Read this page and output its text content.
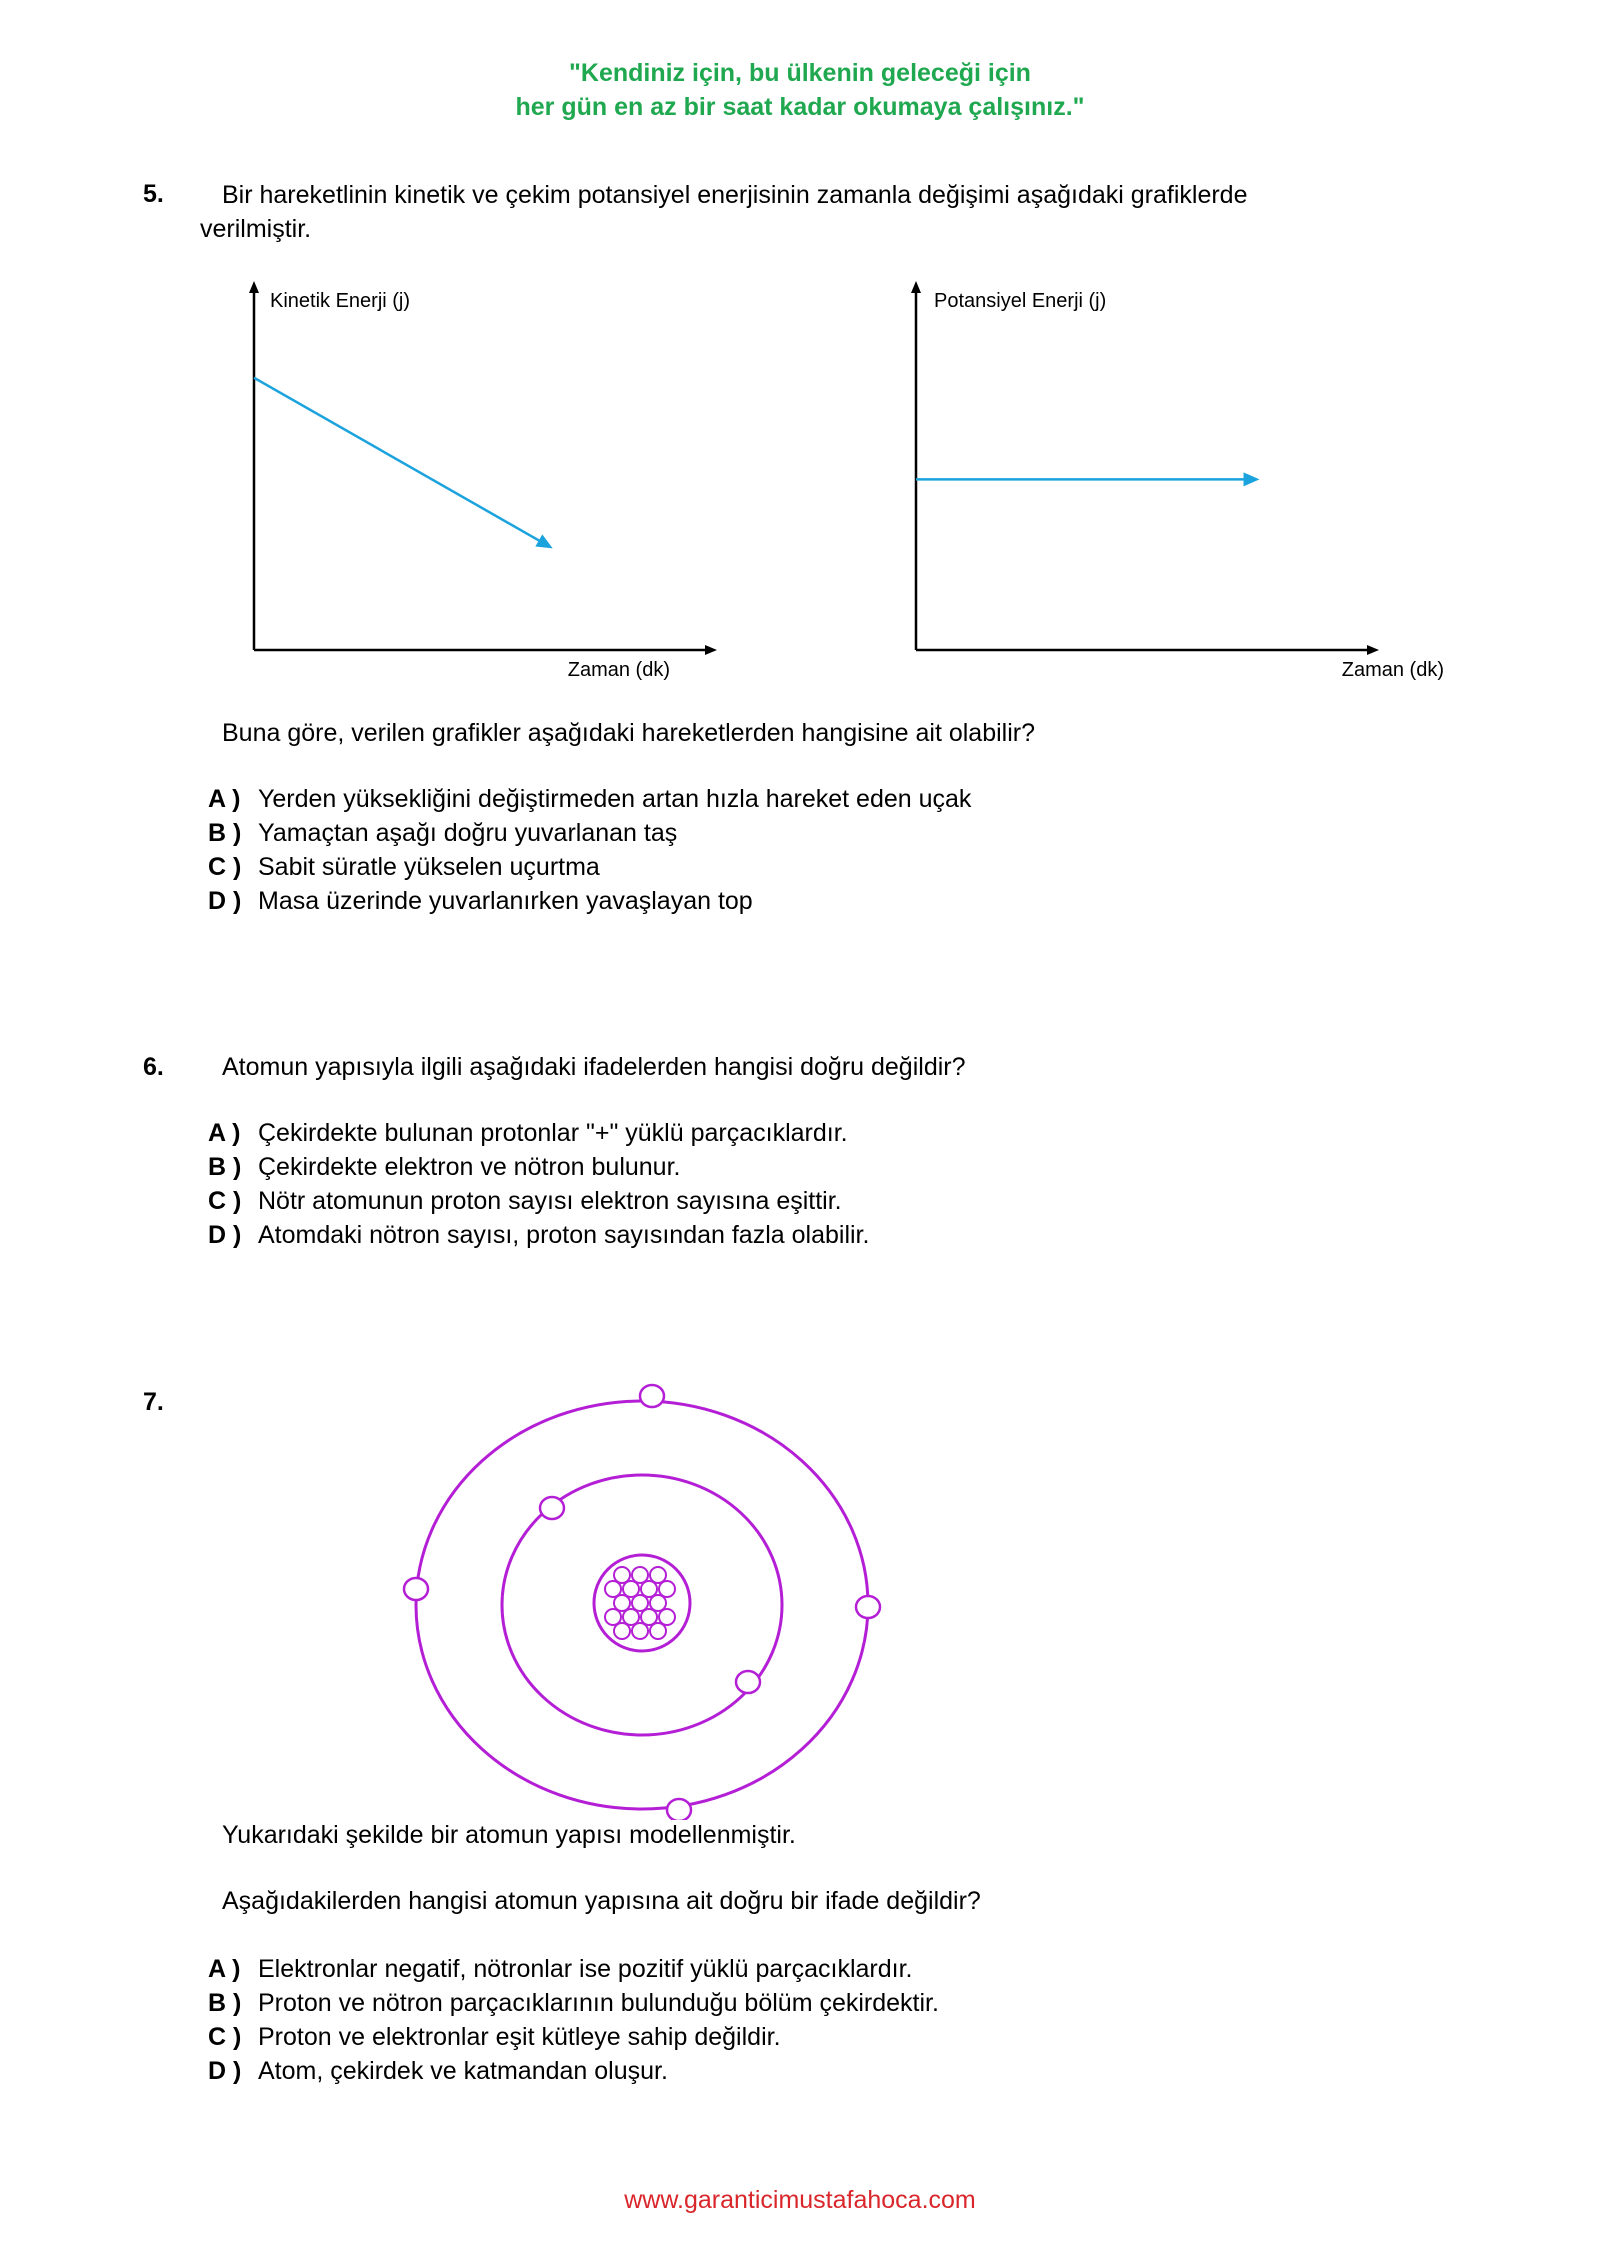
"Kendiniz için, bu ülkenin geleceği için
her gün en az bir saat kadar okumaya çalışınız."
5. Bir hareketlinin kinetik ve çekim potansiyel enerjisinin zamanla değişimi aşağıdaki grafiklerde
verilmiştir.
Kinetik Enerji (j)
Zaman (dk)
Potansiyel Enerji (j)
Zaman (dk)
Buna göre, verilen grafikler aşağıdaki hareketlerden hangisine ait olabilir?
A ) Yerden yüksekliğini değiştirmeden artan hızla hareket eden uçak
B ) Yamaçtan aşağı doğru yuvarlanan taş
C ) Sabit süratle yükselen uçurtma
D ) Masa üzerinde yuvarlanırken yavaşlayan top
6. Atomun yapısıyla ilgili aşağıdaki ifadelerden hangisi doğru değildir?
A ) Çekirdekte bulunan protonlar "+" yüklü parçacıklardır.
B ) Çekirdekte elektron ve nötron bulunur.
C ) Nötr atomunun proton sayısı elektron sayısına eşittir.
D ) Atomdaki nötron sayısı, proton sayısından fazla olabilir.
7.
Yukarıdaki şekilde bir atomun yapısı modellenmiştir.
Aşağıdakilerden hangisi atomun yapısına ait doğru bir ifade değildir?
A ) Elektronlar negatif, nötronlar ise pozitif yüklü parçacıklardır.
B ) Proton ve nötron parçacıklarının bulunduğu bölüm çekirdektir.
C ) Proton ve elektronlar eşit kütleye sahip değildir.
D ) Atom, çekirdek ve katmandan oluşur.
www.garanticimustafahoca.com
